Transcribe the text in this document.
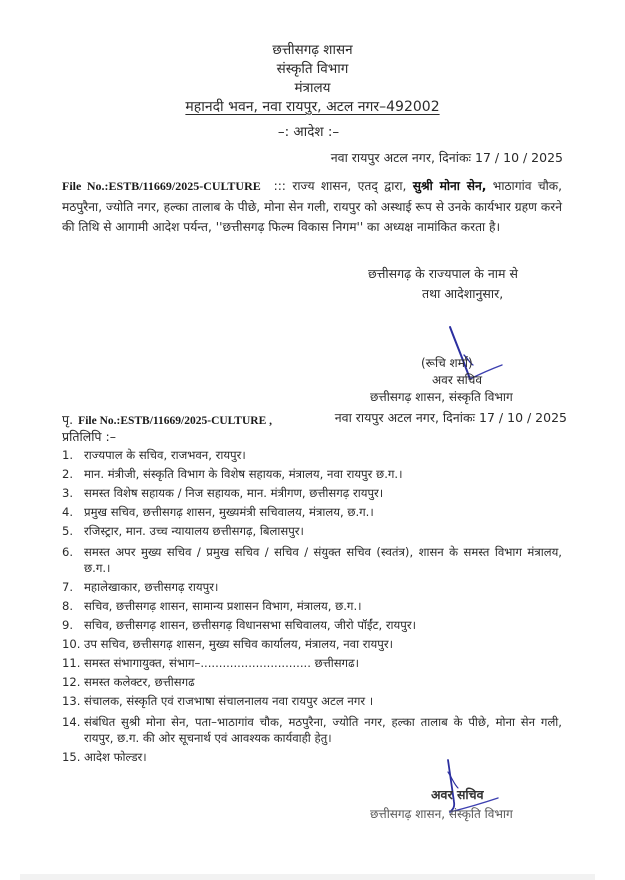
छत्तीसगढ़ शासन
संस्कृति विभाग
मंत्रालय
महानदी भवन, नवा रायपुर, अटल नगर–492002
–: आदेश :–
नवा रायपुर अटल नगर, दिनांकः 17 / 10 / 2025
File No.:ESTB/11669/2025-CULTURE ::: राज्य शासन, एतद् द्वारा, सुश्री मोना सेन, भाठागांव चौक, मठपुरैना, ज्योति नगर, हल्का तालाब के पीछे, मोना सेन गली, रायपुर को अस्थाई रूप से उनके कार्यभार ग्रहण करने की तिथि से आगामी आदेश पर्यन्त, ''छत्तीसगढ़ फिल्म विकास निगम'' का अध्यक्ष नामांकित करता है।
छत्तीसगढ़ के राज्यपाल के नाम से
तथा आदेशानुसार,
(रूचि शर्मा)
अवर सचिव
छत्तीसगढ़ शासन, संस्कृति विभाग
पृ. File No.:ESTB/11669/2025-CULTURE ,	नवा रायपुर अटल नगर, दिनांकः 17 / 10 / 2025
प्रतिलिपि :–
1. राज्यपाल के सचिव, राजभवन, रायपुर।
2. मान. मंत्रीजी, संस्कृति विभाग के विशेष सहायक, मंत्रालय, नवा रायपुर छ.ग.।
3. समस्त विशेष सहायक / निज सहायक, मान. मंत्रीगण, छत्तीसगढ़ रायपुर।
4. प्रमुख सचिव, छत्तीसगढ़ शासन, मुख्यमंत्री सचिवालय, मंत्रालय, छ.ग.।
5. रजिस्ट्रार, मान. उच्च न्यायालय छत्तीसगढ़, बिलासपुर।
6. समस्त अपर मुख्य सचिव / प्रमुख सचिव / सचिव / संयुक्त सचिव (स्वतंत्र), शासन के समस्त विभाग मंत्रालय, छ.ग.।
7. महालेखाकार, छत्तीसगढ़ रायपुर।
8. सचिव, छत्तीसगढ़ शासन, सामान्य प्रशासन विभाग, मंत्रालय, छ.ग.।
9. सचिव, छत्तीसगढ़ शासन, छत्तीसगढ़ विधानसभा सचिवालय, जीरो पॉईंट, रायपुर।
10. उप सचिव, छत्तीसगढ़ शासन, मुख्य सचिव कार्यालय, मंत्रालय, नवा रायपुर।
11. समस्त संभागायुक्त, संभाग–.............................. छत्तीसगढ।
12. समस्त कलेक्टर, छत्तीसगढ
13. संचालक, संस्कृति एवं राजभाषा संचालनालय नवा रायपुर अटल नगर ।
14. संबंधित सुश्री मोना सेन, पता–भाठागांव चौक, मठपुरैना, ज्योति नगर, हल्का तालाब के पीछे, मोना सेन गली, रायपुर, छ.ग. की ओर सूचनार्थ एवं आवश्यक कार्यवाही हेतु।
15. आदेश फोल्डर।
अवर सचिव
छत्तीसगढ़ शासन, संस्कृति विभाग
